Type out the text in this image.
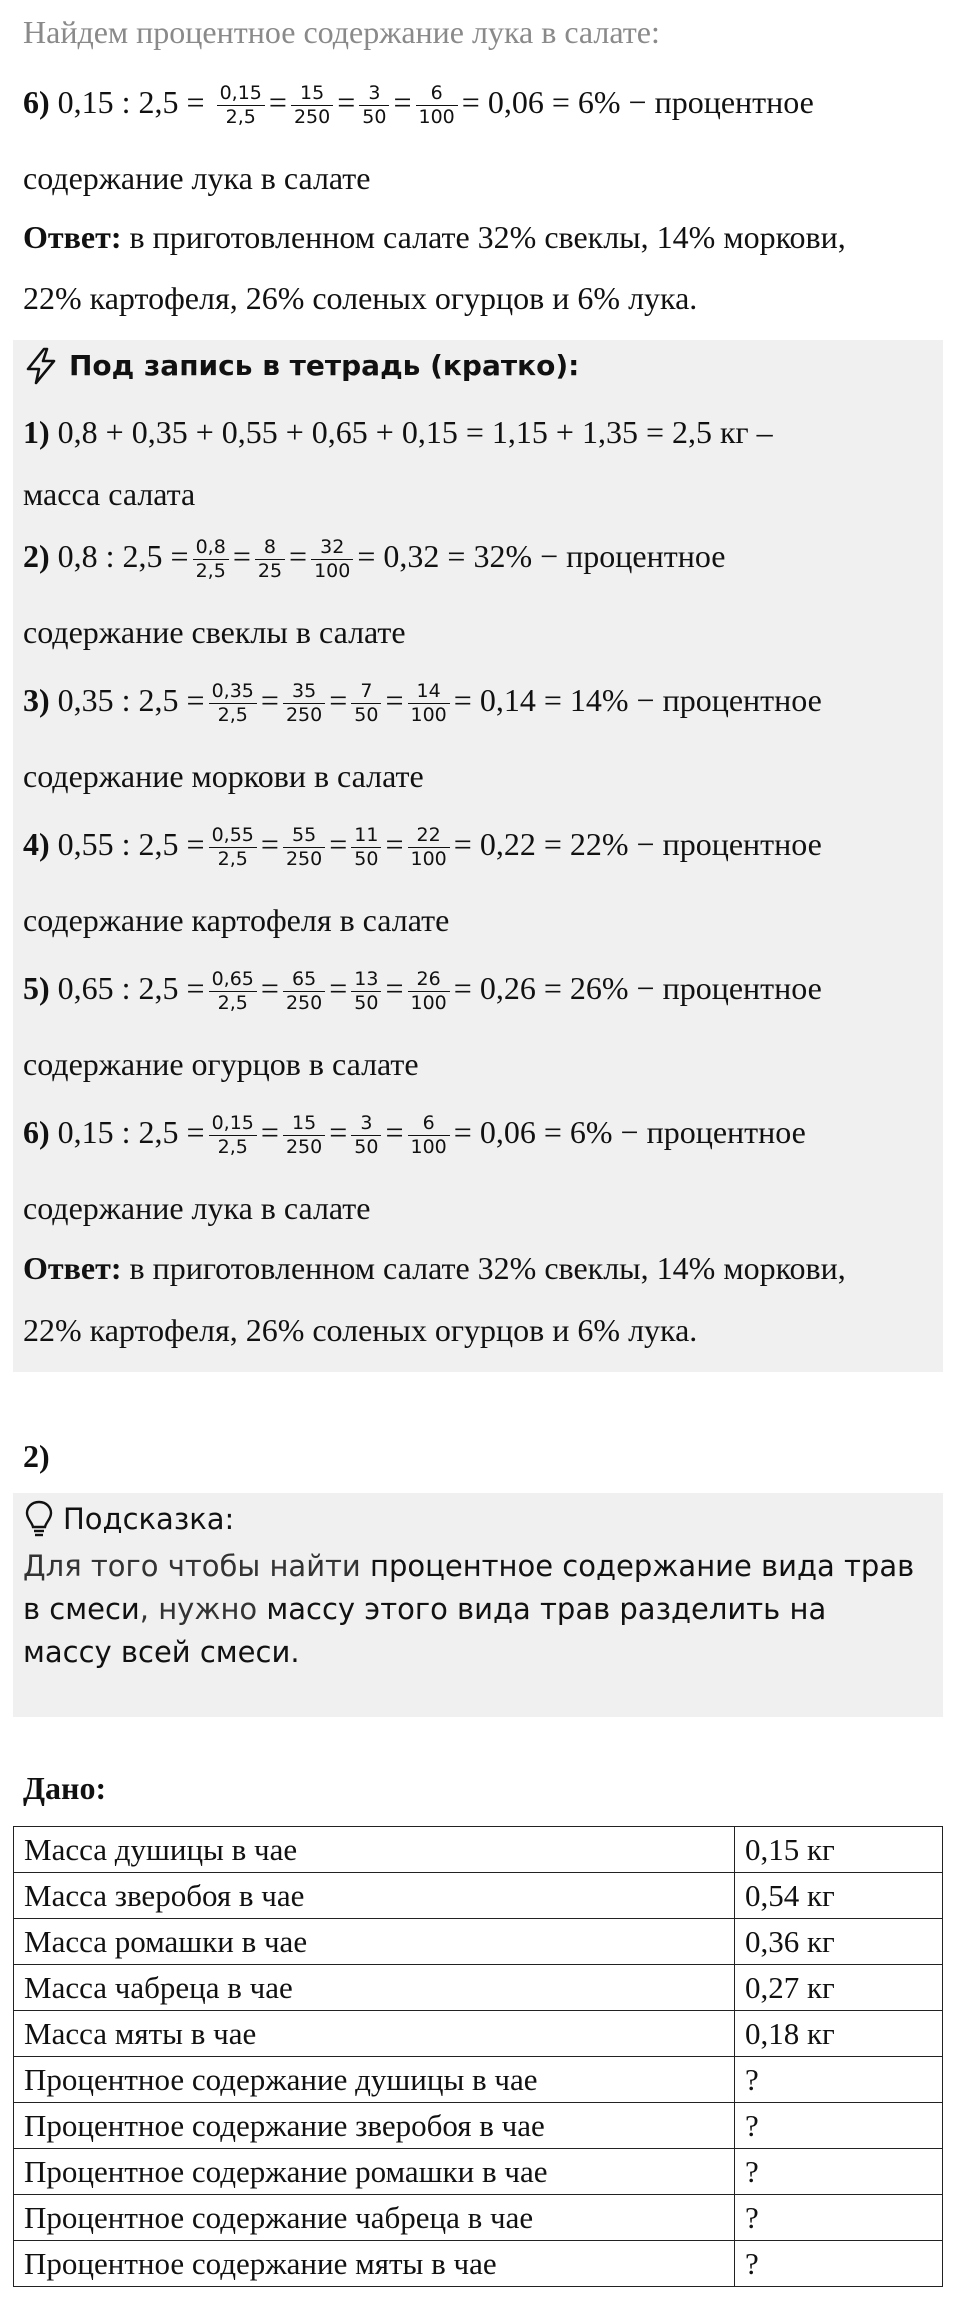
Найдем процентное содержание лука в салате:
6) 0,15 : $2,5 = \frac{0,15}{2,5} = \frac{15}{250} = \frac{3}{50} = \frac{6}{100} = 0,06 = 6\%$ − процентное
содержание лука в салате
Ответ: в приготовленном салате 32% свеклы, 14% моркови,
22% картофеля, 26% соленых огурцов и 6% лука.
Под запись в тетрадь (кратко):
1) 0,8 + 0,35 + 0,55 + 0,65 + 0,15 = 1,15 + 1,35 = 2,5 кг –
масса салата
2) 0,8 : $2,5 = \frac{0,8}{2,5} = \frac{8}{25} = \frac{32}{100} = 0,32 = 32\%$ − процентное
содержание свеклы в салате
3) 0,35 : $2,5 = \frac{0,35}{2,5} = \frac{35}{250} = \frac{7}{50} = \frac{14}{100} = 0,14 = 14\%$ − процентное
содержание моркови в салате
4) 0,55 : $2,5 = \frac{0,55}{2,5} = \frac{55}{250} = \frac{11}{50} = \frac{22}{100} = 0,22 = 22\%$ − процентное
содержание картофеля в салате
5) 0,65 : $2,5 = \frac{0,65}{2,5} = \frac{65}{250} = \frac{13}{50} = \frac{26}{100} = 0,26 = 26\%$ − процентное
содержание огурцов в салате
6) 0,15 : $2,5 = \frac{0,15}{2,5} = \frac{15}{250} = \frac{3}{50} = \frac{6}{100} = 0,06 = 6\%$ − процентное
содержание лука в салате
Ответ: в приготовленном салате 32% свеклы, 14% моркови,
22% картофеля, 26% соленых огурцов и 6% лука.
2)
Подсказка:
Для того чтобы найти процентное содержание вида трав в смеси, нужно массу этого вида трав разделить на массу всей смеси.
Дано:
Масса душицы в чае	0,15 кг
Масса зверобоя в чае	0,54 кг
Масса ромашки в чае	0,36 кг
Масса чабреца в чае	0,27 кг
Масса мяты в чае	0,18 кг
Процентное содержание душицы в чае	?
Процентное содержание зверобоя в чае	?
Процентное содержание ромашки в чае	?
Процентное содержание чабреца в чае	?
Процентное содержание мяты в чае	?
